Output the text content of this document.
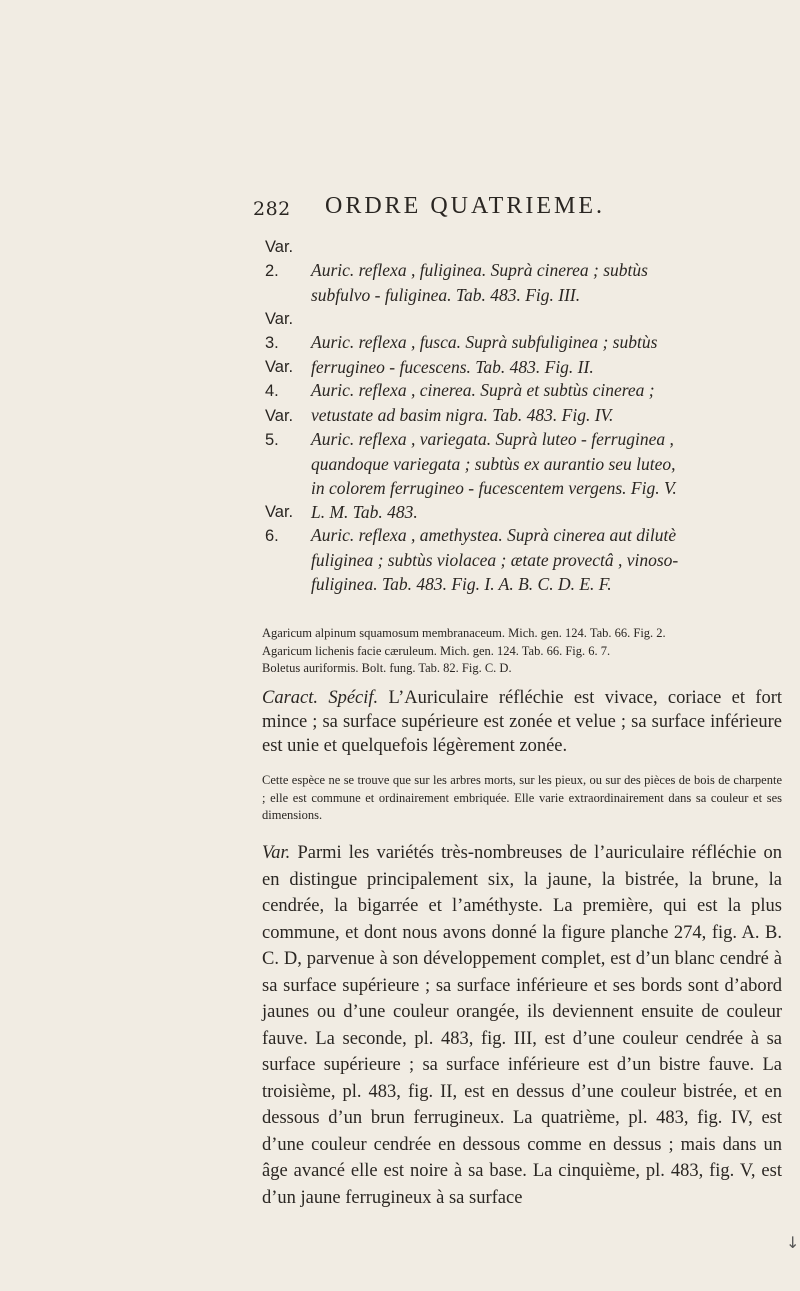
282 ORDRE QUATRIEME.
Var. 2. Auric. reflexa , fuliginea. Suprà cinerea ; subtùs
subfulvo - fuliginea. Tab. 483. Fig. III.
Var. 3. Auric. reflexa , fusca. Suprà subfuliginea ; subtùs
ferrugineo - fucescens. Tab. 483. Fig. II.
Var. 4. Auric. reflexa , cinerea. Suprà et subtùs cinerea ;
vetustate ad basim nigra. Tab. 483. Fig. IV.
Var. 5. Auric. reflexa , variegata. Suprà luteo - ferruginea ,
quandoque variegata ; subtùs ex aurantio seu luteo,
in colorem ferrugineo - fucescentem vergens. Fig. V.
L. M. Tab. 483.
Var. 6. Auric. reflexa , amethystea. Suprà cinerea aut dilutè
fuliginea ; subtùs violacea ; ætate provectâ , vinoso-
fuliginea. Tab. 483. Fig. I. A. B. C. D. E. F.
Agaricum alpinum squamosum membranaceum. Mich. gen. 124. Tab. 66. Fig. 2.
Agaricum lichenis facie cæruleum. Mich. gen. 124. Tab. 66. Fig. 6. 7.
Boletus auriformis. Bolt. fung. Tab. 82. Fig. C. D.
Caract. Spécif. L’Auriculaire réfléchie est vivace, coriace et fort mince ; sa surface supérieure est zonée et velue ; sa surface inférieure est unie et quelquefois légèrement zonée.
Cette espèce ne se trouve que sur les arbres morts, sur les pieux, ou sur des pièces de bois de charpente ; elle est commune et ordinairement embriquée. Elle varie extraordinairement dans sa couleur et ses dimensions.
Var. Parmi les variétés très-nombreuses de l’auriculaire réfléchie on en distingue principalement six, la jaune, la bistrée, la brune, la cendrée, la bigarrée et l’améthyste. La première, qui est la plus commune, et dont nous avons donné la figure planche 274, fig. A. B. C. D, parvenue à son développement complet, est d’un blanc cendré à sa surface supérieure ; sa surface inférieure et ses bords sont d’abord jaunes ou d’une couleur orangée, ils deviennent ensuite de couleur fauve. La seconde, pl. 483, fig. III, est d’une couleur cendrée à sa surface supérieure ; sa surface inférieure est d’un bistre fauve. La troisième, pl. 483, fig. II, est en dessus d’une couleur bistrée, et en dessous d’un brun ferrugineux. La quatrième, pl. 483, fig. IV, est d’une couleur cendrée en dessous comme en dessus ; mais dans un âge avancé elle est noire à sa base. La cinquième, pl. 483, fig. V, est d’un jaune ferrugineux à sa surface
↓
